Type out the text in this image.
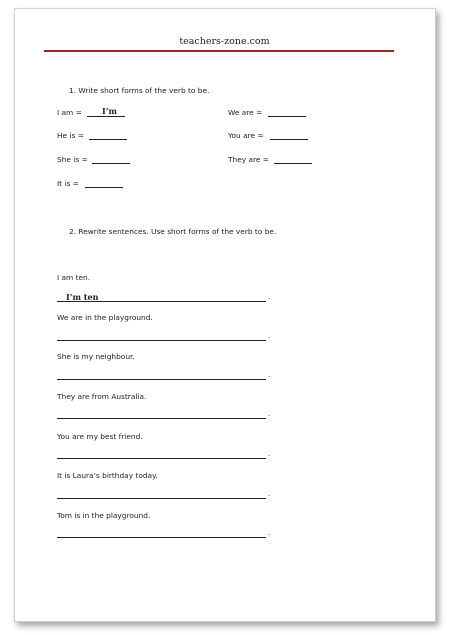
teachers-zone.com
1. Write short forms of the verb to be.
I am =	I’m	We are =
He is =	You are =
She is =	They are =
It is =
2. Rewrite sentences. Use short forms of the verb to be.
I am ten.
I’m ten	.
We are in the playground.
.
She is my neighbour.
.
They are from Australia.
.
You are my best friend.
.
It is Laura’s birthday today.
.
Tom is in the playground.
.
